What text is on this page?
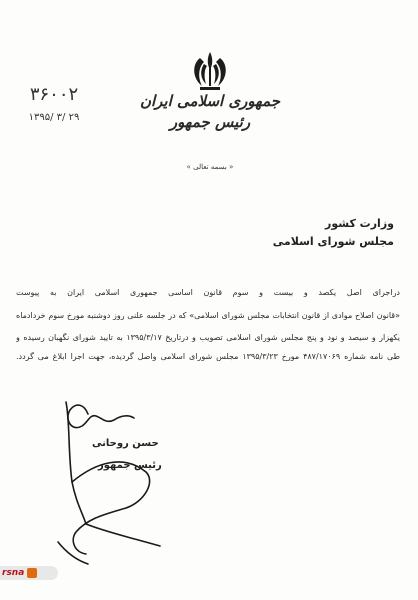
جمهوری اسلامی ایران
رئیس جمهور
« بسمه تعالی »
۳۶۰۰۲
۱۳۹۵/ ۳/ ۲۹
وزارت کشور
مجلس شورای اسلامی
دراجرای اصل یکصد و بیست و سوم قانون اساسی جمهوری اسلامی ایران به پیوست
«قانون اصلاح موادی از قانون انتخابات مجلس شورای اسلامی» که در جلسه علنی روز دوشنبه مورخ سوم خردادماه
یکهزار و سیصد و نود و پنج مجلس شورای اسلامی تصویب و درتاریخ ۱۳۹۵/۳/۱۷ به تایید شورای نگهبان رسیده و
طی نامه شماره ۴۸۷/۱۷۰۶۹ مورخ ۱۳۹۵/۳/۲۳ مجلس شورای اسلامی واصل گردیده، جهت اجرا ابلاغ می گردد.
حسن روحانی
رئیس جمهور
rsna
